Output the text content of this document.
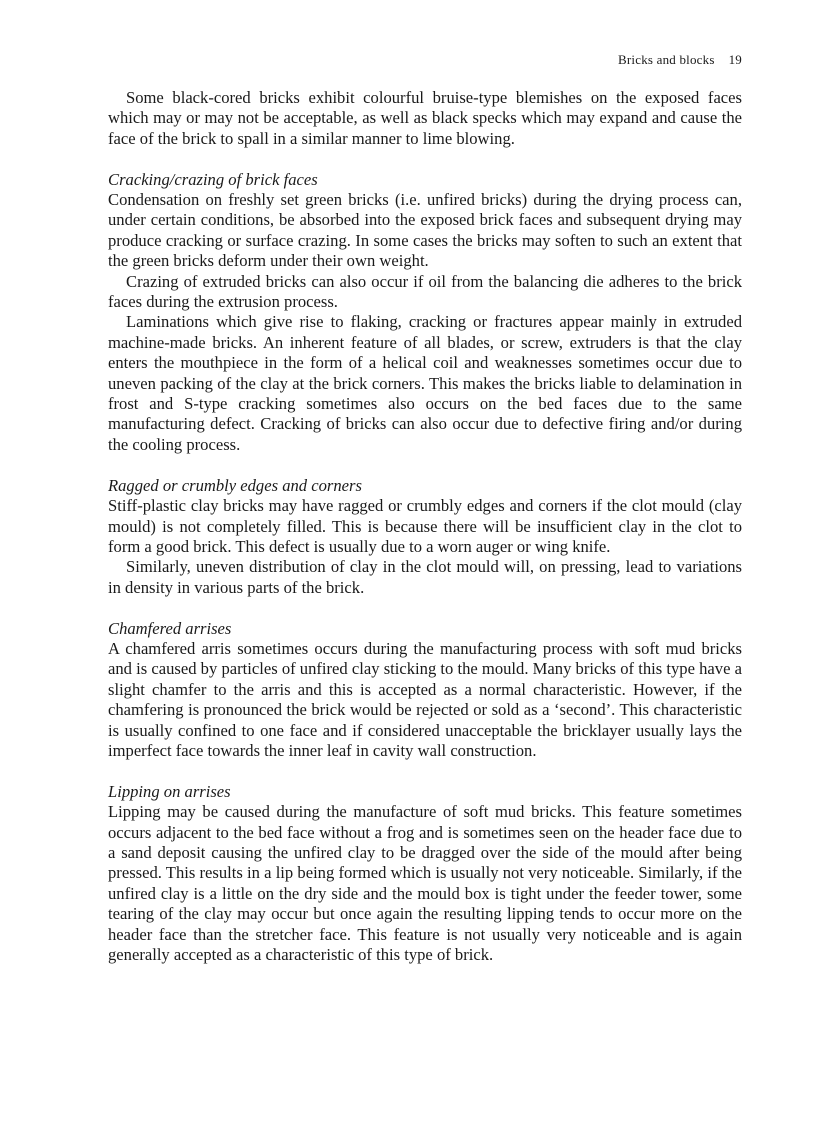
Bricks and blocks 19

Some black-cored bricks exhibit colourful bruise-type blemishes on the exposed faces which may or may not be acceptable, as well as black specks which may expand and cause the face of the brick to spall in a similar manner to lime blowing.

Cracking/crazing of brick faces

Condensation on freshly set green bricks (i.e. unfired bricks) during the drying process can, under certain conditions, be absorbed into the exposed brick faces and subsequent drying may produce cracking or surface crazing. In some cases the bricks may soften to such an extent that the green bricks deform under their own weight.

Crazing of extruded bricks can also occur if oil from the balancing die adheres to the brick faces during the extrusion process.

Laminations which give rise to flaking, cracking or fractures appear mainly in extruded machine-made bricks. An inherent feature of all blades, or screw, extruders is that the clay enters the mouthpiece in the form of a helical coil and weaknesses sometimes occur due to uneven packing of the clay at the brick corners. This makes the bricks liable to delamination in frost and S-type cracking sometimes also occurs on the bed faces due to the same manufacturing defect. Cracking of bricks can also occur due to defective firing and/or during the cooling process.

Ragged or crumbly edges and corners

Stiff-plastic clay bricks may have ragged or crumbly edges and corners if the clot mould (clay mould) is not completely filled. This is because there will be insufficient clay in the clot to form a good brick. This defect is usually due to a worn auger or wing knife.

Similarly, uneven distribution of clay in the clot mould will, on pressing, lead to variations in density in various parts of the brick.

Chamfered arrises

A chamfered arris sometimes occurs during the manufacturing process with soft mud bricks and is caused by particles of unfired clay sticking to the mould. Many bricks of this type have a slight chamfer to the arris and this is accepted as a normal characteristic. However, if the chamfering is pronounced the brick would be rejected or sold as a ‘second’. This characteristic is usually confined to one face and if considered unacceptable the bricklayer usually lays the imperfect face towards the inner leaf in cavity wall construction.

Lipping on arrises

Lipping may be caused during the manufacture of soft mud bricks. This feature sometimes occurs adjacent to the bed face without a frog and is sometimes seen on the header face due to a sand deposit causing the unfired clay to be dragged over the side of the mould after being pressed. This results in a lip being formed which is usually not very noticeable. Similarly, if the unfired clay is a little on the dry side and the mould box is tight under the feeder tower, some tearing of the clay may occur but once again the resulting lipping tends to occur more on the header face than the stretcher face. This feature is not usually very noticeable and is again generally accepted as a characteristic of this type of brick.
